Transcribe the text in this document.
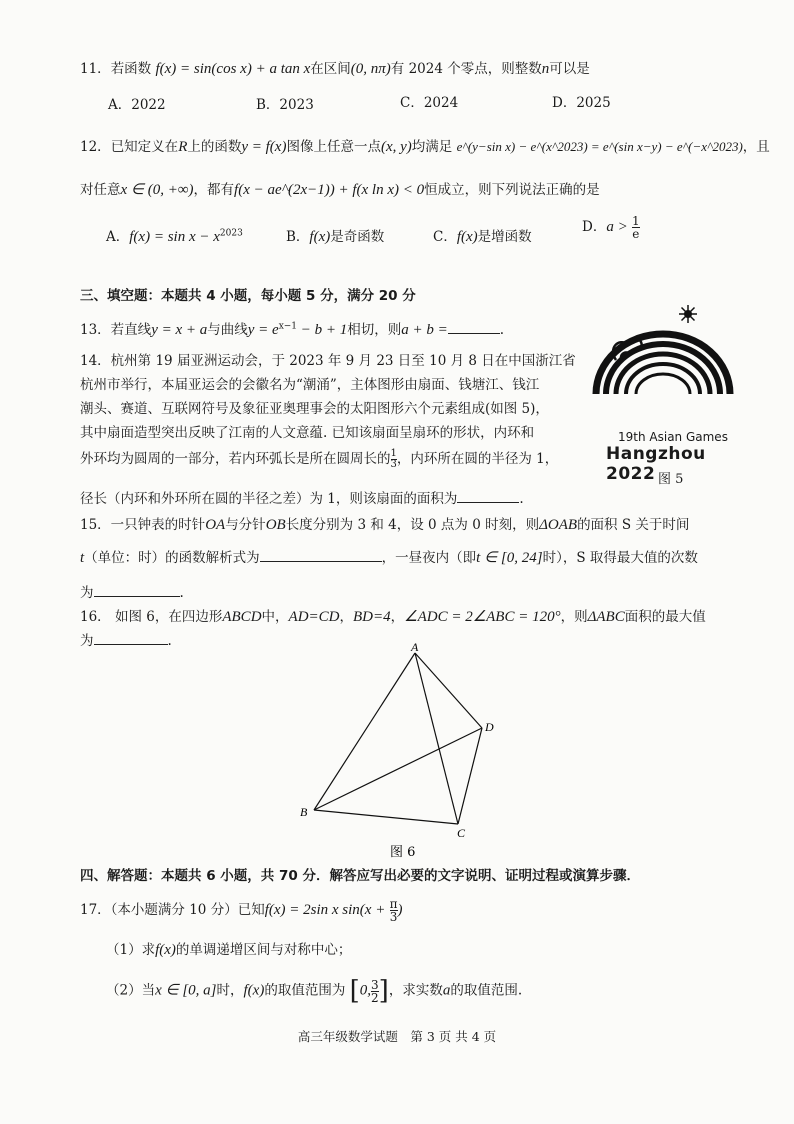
11．若函数 f(x) = sin(cos x) + a tan x在区间(0, nπ)有 2024 个零点，则整数n可以是
A．2022	B．2023	C．2024	D．2025
12．已知定义在R上的函数y = f(x)图像上任意一点(x, y)均满足 e^(y−sin x) − e^(x^2023) = e^(sin x−y) − e^(−x^2023)，且
对任意x ∈ (0, +∞)，都有f(x − ae^(2x−1)) + f(x ln x) < 0恒成立，则下列说法正确的是
A．$f(x) = \sin x - x^{2023}$	B．f(x)是奇函数	C．f(x)是增函数
D．$a > \frac{1}{e}$
三、填空题：本题共 4 小题，每小题 5 分，满分 20 分
13．若直线y = x + a与曲线$y = e^{x-1} - b + 1$相切，则a + b =	.
14．杭州第 19 届亚洲运动会，于 2023 年 9 月 23 日至 10 月 8 日在中国浙江省
杭州市举行，本届亚运会的会徽名为“潮涌”，主体图形由扇面、钱塘江、钱江
潮头、赛道、互联网符号及象征亚奥理事会的太阳图形六个元素组成(如图 5)，
其中扇面造型突出反映了江南的人文意蕴. 已知该扇面呈扇环的形状，内环和
外环均为圆周的一部分，若内环弧长是所在圆周长的 $\frac{1}{3}$ ，内环所在圆的半径为 1，
径长（内环和外环所在圆的半径之差）为 1，则该扇面的面积为	.
19th Asian Games
Hangzhou 2022 图 5
15．一只钟表的时针OA与分针OB长度分别为 3 和 4，设 0 点为 0 时刻，则ΔOAB的面积 S 关于时间
t（单位：时）的函数解析式为	，一昼夜内（即t ∈ [0, 24]时），S 取得最大值的次数
为	.
16． 如图 6，在四边形ABCD中，AD=CD，BD=4，∠ADC = 2∠ABC = 120°，则ΔABC面积的最大值
为	.	A
B
C
D
图 6
四、解答题：本题共 6 小题，共 70 分．解答应写出必要的文字说明、证明过程或演算步骤．
17．（本小题满分 10 分）已知f(x) = 2sin x $\sin(x + \frac{\pi}{3}$ )
（1）求f(x)的单调递增区间与对称中心；
（2）当x ∈ [0, a]时，f(x)的取值范围为 [0, $\frac{3}{2}$ ]，求实数a的取值范围.
高三年级数学试题　第 3 页 共 4 页
